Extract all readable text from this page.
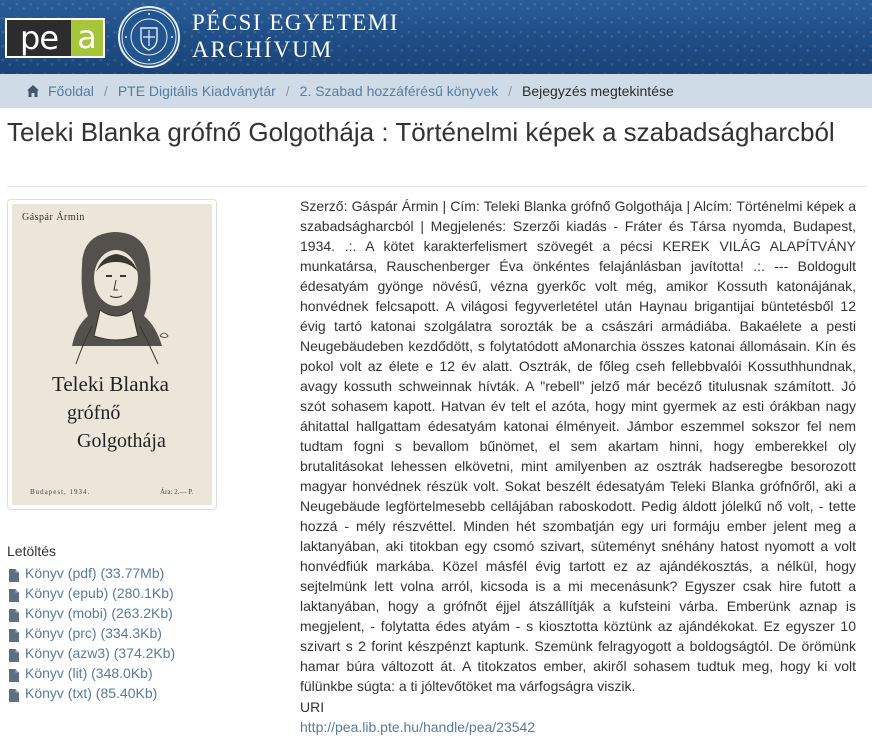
pe a	PÉCSI EGYETEMI
ARCHÍVUM
Főoldal / PTE Digitális Kiadványtár / 2. Szabad hozzáférésű könyvek / Bejegyzés megtekintése
Teleki Blanka grófnő Golgothája : Történelmi képek a szabadságharcból
Gáspár Ármin
Teleki Blanka
grófnő
Golgothája
Budapest, 1934.	Ára: 2.— P.
Letöltés
Könyv (pdf) (33.77Mb)
Könyv (epub) (280.1Kb)
Könyv (mobi) (263.2Kb)
Könyv (prc) (334.3Kb)
Könyv (azw3) (374.2Kb)
Könyv (lit) (348.0Kb)
Könyv (txt) (85.40Kb)
Szerző: Gáspár Ármin | Cím: Teleki Blanka grófnő Golgothája | Alcím: Történelmi képek a szabadságharcból | Megjelenés: Szerzői kiadás - Fráter és Társa nyomda, Budapest, 1934. .:. A kötet karakterfelismert szövegét a pécsi KEREK VILÁG ALAPÍTVÁNY munkatársa, Rauschenberger Éva önkéntes felajánlásban javította! .:. --- Boldogult édesatyám gyönge növésű, vézna gyerkőc volt még, amikor Kossuth katonájának, honvédnek felcsapott. A világosi fegyverletétel után Haynau brigantijai büntetésből 12 évig tartó katonai szolgálatra sorozták be a császári armádiába. Bakaélete a pesti Neugebäudeben kezdődött, s folytatódott aMonarchia összes katonai állomásain. Kín és pokol volt az élete e 12 év alatt. Osztrák, de főleg cseh fellebbvalói Kossuthhundnak, avagy kossuth schweinnak hívták. A "rebell" jelző már becéző titulusnak számított. Jó szót sohasem kapott. Hatvan év telt el azóta, hogy mint gyermek az esti órákban nagy áhitattal hallgattam édesatyám katonai élményeit. Jámbor eszemmel sokszor fel nem tudtam fogni s bevallom bűnömet, el sem akartam hinni, hogy emberekkel oly brutalitásokat lehessen elkövetni, mint amilyenben az osztrák hadseregbe besorozott magyar honvédnek részük volt. Sokat beszélt édesatyám Teleki Blanka grófnőről, aki a Neugebäude legförtelmesebb cellájában raboskodott. Pedig áldott jólelkű nő volt, - tette hozzá - mély részvéttel. Minden hét szombatján egy uri formáju ember jelent meg a laktanyában, aki titokban egy csomó szivart, süteményt snéhány hatost nyomott a volt honvédfiúk markába. Közel másfél évig tartott ez az ajándékosztás, a nélkül, hogy sejtelmünk lett volna arról, kicsoda is a mi mecenásunk? Egyszer csak hire futott a laktanyában, hogy a grófnőt éjjel átszállítják a kufsteini várba. Emberünk aznap is megjelent, - folytatta édes atyám - s kiosztotta köztünk az ajándékokat. Ez egyszer 10 szivart s 2 forint készpénzt kaptunk. Szemünk felragyogott a boldogságtól. De örömünk hamar búra változott át. A titokzatos ember, akiről sohasem tudtuk meg, hogy ki volt fülünkbe súgta: a ti jóltevőtöket ma várfogságra viszik.
URI
http://pea.lib.pte.hu/handle/pea/23542
